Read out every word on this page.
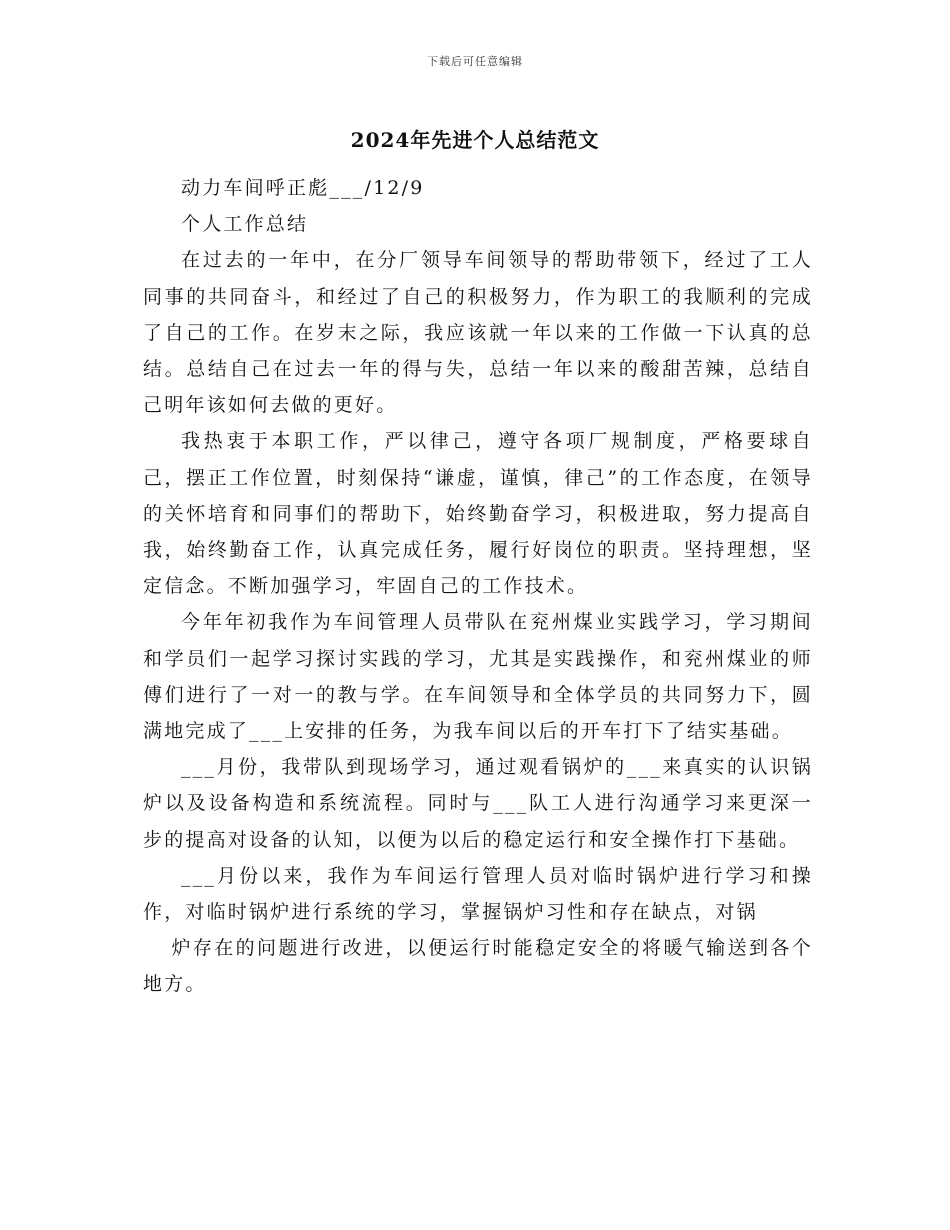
下载后可任意编辑
2024年先进个人总结范文

动力车间呼正彪___/12/9

个人工作总结

在过去的一年中，在分厂领导车间领导的帮助带领下，经过了工人同事的共同奋斗，和经过了自己的积极努力，作为职工的我顺利的完成了自己的工作。在岁末之际，我应该就一年以来的工作做一下认真的总结。总结自己在过去一年的得与失，总结一年以来的酸甜苦辣，总结自己明年该如何去做的更好。

我热衷于本职工作，严以律己，遵守各项厂规制度，严格要球自己，摆正工作位置，时刻保持“谦虚，谨慎，律己”的工作态度，在领导的关怀培育和同事们的帮助下，始终勤奋学习，积极进取，努力提高自我，始终勤奋工作，认真完成任务，履行好岗位的职责。坚持理想，坚定信念。不断加强学习，牢固自己的工作技术。

今年年初我作为车间管理人员带队在兖州煤业实践学习，学习期间和学员们一起学习探讨实践的学习，尤其是实践操作，和兖州煤业的师傅们进行了一对一的教与学。在车间领导和全体学员的共同努力下，圆满地完成了___上安排的任务，为我车间以后的开车打下了结实基础。

___月份，我带队到现场学习，通过观看锅炉的___来真实的认识锅炉以及设备构造和系统流程。同时与___队工人进行沟通学习来更深一步的提高对设备的认知，以便为以后的稳定运行和安全操作打下基础。

___月份以来，我作为车间运行管理人员对临时锅炉进行学习和操作，对临时锅炉进行系统的学习，掌握锅炉习性和存在缺点，对锅

炉存在的问题进行改进，以便运行时能稳定安全的将暖气输送到各个地方。
